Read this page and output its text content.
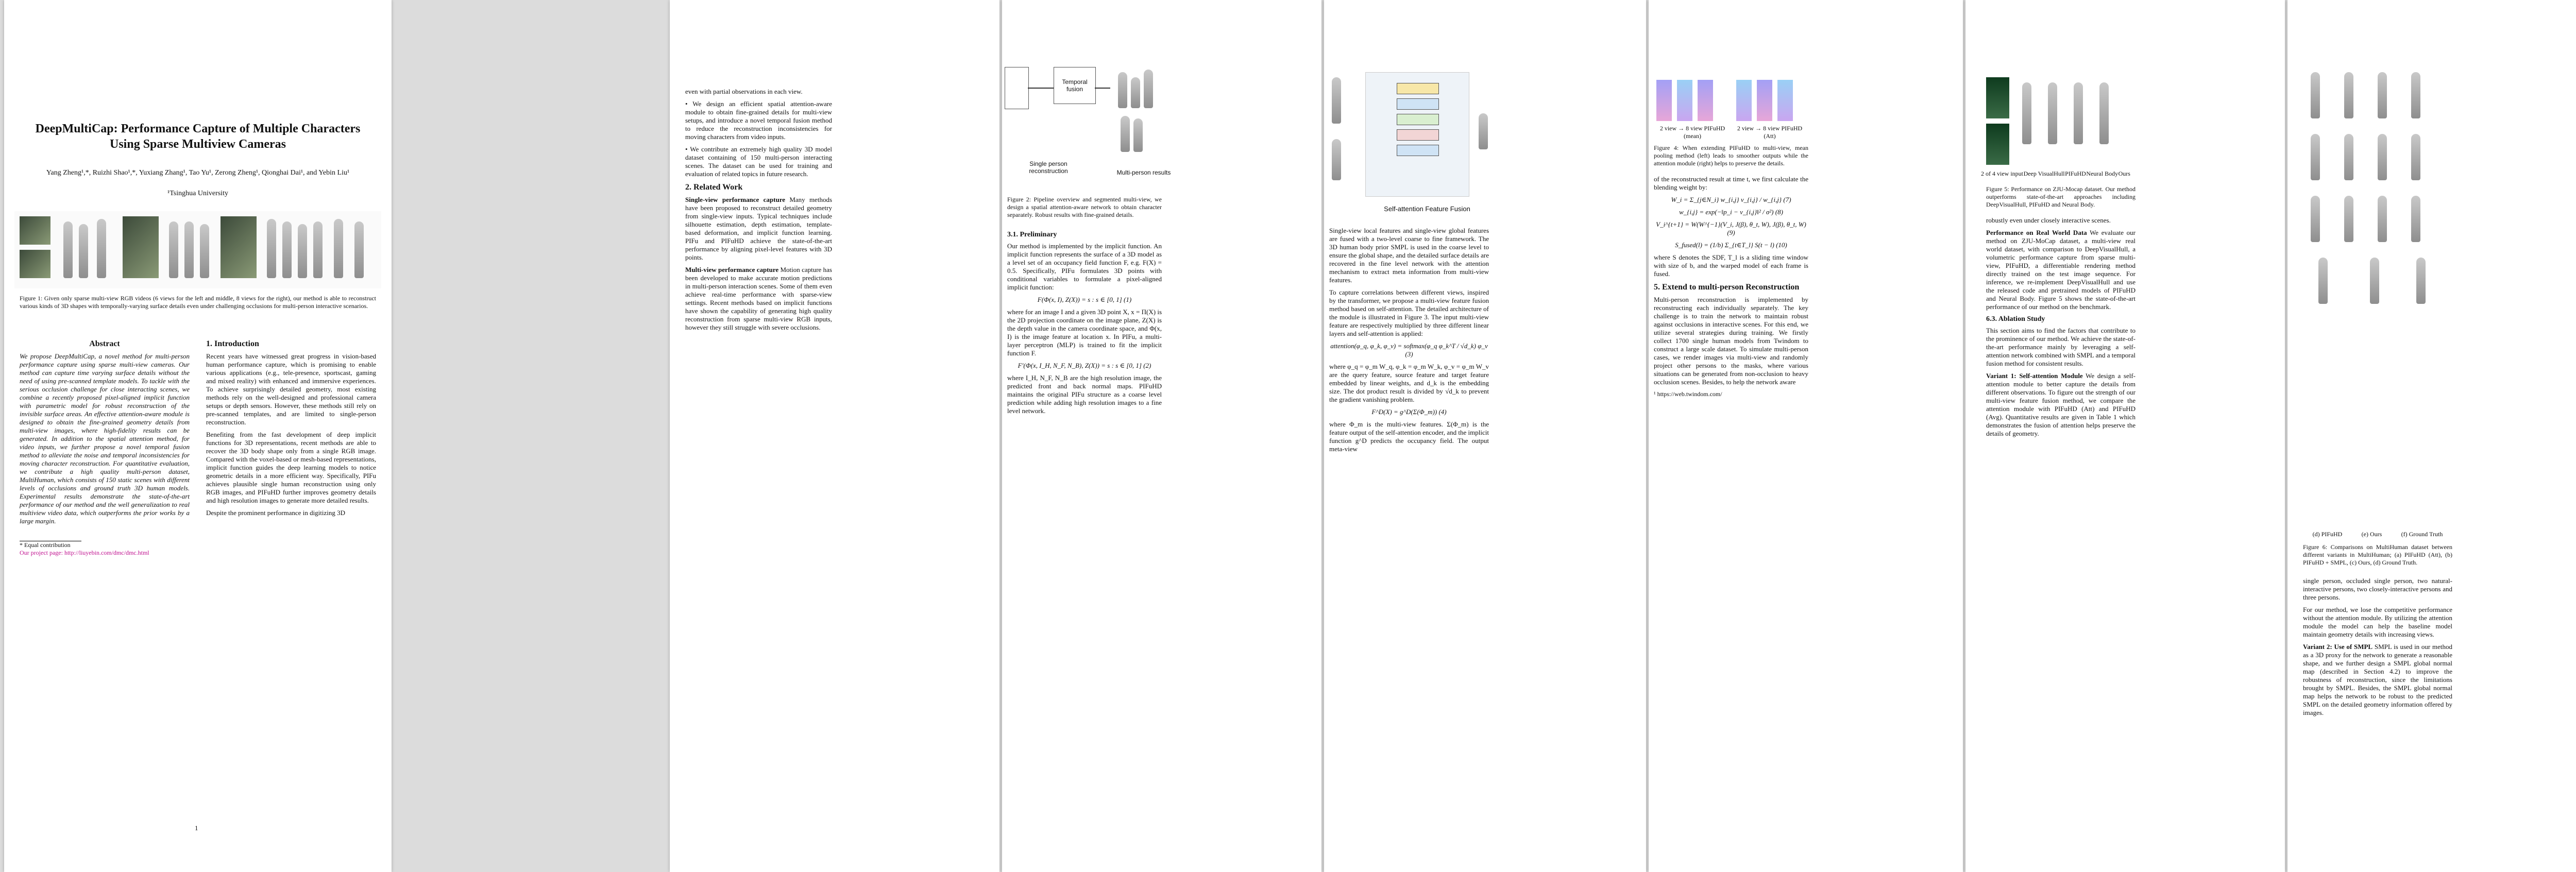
DeepMultiCap: Performance Capture of Multiple Characters
Using Sparse Multiview Cameras
Yang Zheng¹,*, Ruizhi Shao¹,*, Yuxiang Zhang¹, Tao Yu¹, Zerong Zheng¹, Qionghai Dai¹, and Yebin Liu¹
¹Tsinghua University
Figure 1: Given only sparse multi-view RGB videos (6 views for the left and middle, 8 views for the right), our method is able to reconstruct various kinds of 3D shapes with temporally-varying surface details even under challenging occlusions for multi-person interactive scenarios.
Abstract

We propose DeepMultiCap, a novel method for multi-person performance capture using sparse multi-view cameras. Our method can capture time varying surface details without the need of using pre-scanned template models. To tackle with the serious occlusion challenge for close interacting scenes, we combine a recently proposed pixel-aligned implicit function with parametric model for robust reconstruction of the invisible surface areas. An effective attention-aware module is designed to obtain the fine-grained geometry details from multi-view images, where high-fidelity results can be generated. In addition to the spatial attention method, for video inputs, we further propose a novel temporal fusion method to alleviate the noise and temporal inconsistencies for moving character reconstruction. For quantitative evaluation, we contribute a high quality multi-person dataset, MultiHuman, which consists of 150 static scenes with different levels of occlusions and ground truth 3D human models. Experimental results demonstrate the state-of-the-art performance of our method and the well generalization to real multiview video data, which outperforms the prior works by a large margin.

* Equal contribution
Our project page: http://liuyebin.com/dmc/dmc.html
1. Introduction

Recent years have witnessed great progress in vision-based human performance capture, which is promising to enable various applications (e.g., tele-presence, sportscast, gaming and mixed reality) with enhanced and immersive experiences. To achieve surprisingly detailed geometry, most existing methods rely on the well-designed and professional camera setups or depth sensors. However, these methods still rely on pre-scanned templates, and are limited to single-person reconstruction.

Benefiting from the fast development of deep implicit functions for 3D representations, recent methods are able to recover the 3D body shape only from a single RGB image. Compared with the voxel-based or mesh-based representations, implicit function guides the deep learning models to notice geometric details in a more efficient way. Specifically, PIFu achieves plausible single human reconstruction using only RGB images, and PIFuHD further improves geometry details and high resolution images to generate more detailed results.

Despite the prominent performance in digitizing 3D

1

even with partial observations in each view.

• We design an efficient spatial attention-aware module to obtain fine-grained details for multi-view setups, and introduce a novel temporal fusion method to reduce the reconstruction inconsistencies for moving characters from video inputs.

• We contribute an extremely high quality 3D model dataset containing of 150 multi-person interacting scenes. The dataset can be used for training and evaluation of related topics in future research.

2. Related Work

Single-view performance capture Many methods have been proposed to reconstruct detailed geometry from single-view inputs. Typical techniques include silhouette estimation, depth estimation, template-based deformation, and implicit function learning. PIFu and PIFuHD achieve the state-of-the-art performance by aligning pixel-level features with 3D points.

Multi-view performance capture Motion capture has been developed to make accurate motion predictions in multi-person interaction scenes. Some of them even achieve real-time performance with sparse-view settings. Recent methods based on implicit functions have shown the capability of generating high quality reconstruction from sparse multi-view RGB inputs, however they still struggle with severe occlusions.

Temporal fusion
Single person reconstruction	Multi-person results
Figure 2: Pipeline overview and segmented multi-view, we design a spatial attention-aware network to obtain character separately. Robust results with fine-grained details.
3.1. Preliminary

Our method is implemented by the implicit function. An implicit function represents the surface of a 3D model as a level set of an occupancy field function F, e.g. F(X) = 0.5. Specifically, PIFu formulates 3D points with conditional variables to formulate a pixel-aligned implicit function:

F(Φ(x, I), Z(X)) = s : s ∈ [0, 1] (1)

where for an image I and a given 3D point X, x = Π(X) is the 2D projection coordinate on the image plane, Z(X) is the depth value in the camera coordinate space, and Φ(x, I) is the image feature at location x. In PIFu, a multi-layer perceptron (MLP) is trained to fit the implicit function F.

F′(Φ(x, I_H, N_F, N_B), Z(X)) = s : s ∈ [0, 1] (2)

where I_H, N_F, N_B are the high resolution image, the predicted front and back normal maps. PIFuHD maintains the original PIFu structure as a coarse level prediction while adding high resolution images to a fine level network.

Self-attention Feature Fusion

Single-view local features and single-view global features are fused with a two-level coarse to fine framework. The 3D human body prior SMPL is used in the coarse level to ensure the global shape, and the detailed surface details are recovered in the fine level network with the attention mechanism to extract meta information from multi-view features.

To capture correlations between different views, inspired by the transformer, we propose a multi-view feature fusion method based on self-attention. The detailed architecture of the module is illustrated in Figure 3. The input multi-view feature are respectively multiplied by three different linear layers and self-attention is applied:

attention(φ_q, φ_k, φ_v) = softmax(φ_q φ_k^T / √d_k) φ_v (3)

where φ_q = φ_m W_q, φ_k = φ_m W_k, φ_v = φ_m W_v are the query feature, source feature and target feature embedded by linear weights, and d_k is the embedding size. The dot product result is divided by √d_k to prevent the gradient vanishing problem.

F^D(X) = g^D(Σ(Φ_m)) (4)

where Φ_m is the multi-view features. Σ(Φ_m) is the feature output of the self-attention encoder, and the implicit function g^D predicts the occupancy field. The output meta-view

2 view → 8 view PIFuHD (mean)
2 view → 8 view PIFuHD (Att)
Figure 4: When extending PIFuHD to multi-view, mean pooling method (left) leads to smoother outputs while the attention module (right) helps to preserve the details.

of the reconstructed result at time t, we first calculate the blending weight by:

W_i = Σ_{j∈N_i} w_{i,j} v_{i,j} / w_{i,j} (7)

w_{i,j} = exp(−‖p_i − v_{i,j}‖² / σ²) (8)

V_i^{t+1} = W(W^{−1}(V_i, J(β), θ_t, W), J(β), θ_t, W) (9)

S_fused(l) = (1/b) Σ_{t∈T_l} S(t − l) (10)

where S denotes the SDF, T_l is a sliding time window with size of b, and the warped model of each frame is fused.

5. Extend to multi-person Reconstruction

Multi-person reconstruction is implemented by reconstructing each individually separately. The key challenge is to train the network to maintain robust against occlusions in interactive scenes. For this end, we utilize several strategies during training. We firstly collect 1700 single human models from Twindom to construct a large scale dataset. To simulate multi-person cases, we render images via multi-view and randomly project other persons to the masks, where various situations can be generated from non-occlusion to heavy occlusion scenes. Besides, to help the network aware

¹ https://web.twindom.com/
2 of 4 view input Deep VisualHull PIFuHD Neural Body Ours
Figure 5: Performance on ZJU-Mocap dataset. Our method outperforms state-of-the-art approaches including DeepVisualHull, PIFuHD and Neural Body.

robustly even under closely interactive scenes.

Performance on Real World Data We evaluate our method on ZJU-MoCap dataset, a multi-view real world dataset, with comparison to DeepVisualHull, a volumetric performance capture from sparse multi-view, PIFuHD, a differentiable rendering method directly trained on the test image sequence. For inference, we re-implement DeepVisualHull and use the released code and pretrained models of PIFuHD and Neural Body. Figure 5 shows the state-of-the-art performance of our method on the benchmark.

6.3. Ablation Study

This section aims to find the factors that contribute to the prominence of our method. We achieve the state-of-the-art performance mainly by leveraging a self-attention network combined with SMPL and a temporal fusion method for consistent results.

Variant 1: Self-attention Module We design a self-attention module to better capture the details from different observations. To figure out the strength of our multi-view feature fusion method, we compare the attention module with PIFuHD (Att) and PIFuHD (Avg). Quantitative results are given in Table 1 which demonstrates the fusion of attention helps preserve the details of geometry.

(d) PIFuHD	(e) Ours	(f) Ground Truth
Figure 6: Comparisons on MultiHuman dataset between different variants in MultiHuman; (a) PIFuHD (Att), (b) PIFuHD + SMPL, (c) Ours, (d) Ground Truth.

single person, occluded single person, two natural-interactive persons, two closely-interactive persons and three persons.

For our method, we lose the competitive performance without the attention module. By utilizing the attention module the model can help the baseline model maintain geometry details with increasing views.

Variant 2: Use of SMPL SMPL is used in our method as a 3D proxy for the network to generate a reasonable shape, and we further design a SMPL global normal map (described in Section 4.2) to improve the robustness of reconstruction, since the limitations brought by SMPL. Besides, the SMPL global normal map helps the network to be robust to the predicted SMPL on the detailed geometry information offered by images.
